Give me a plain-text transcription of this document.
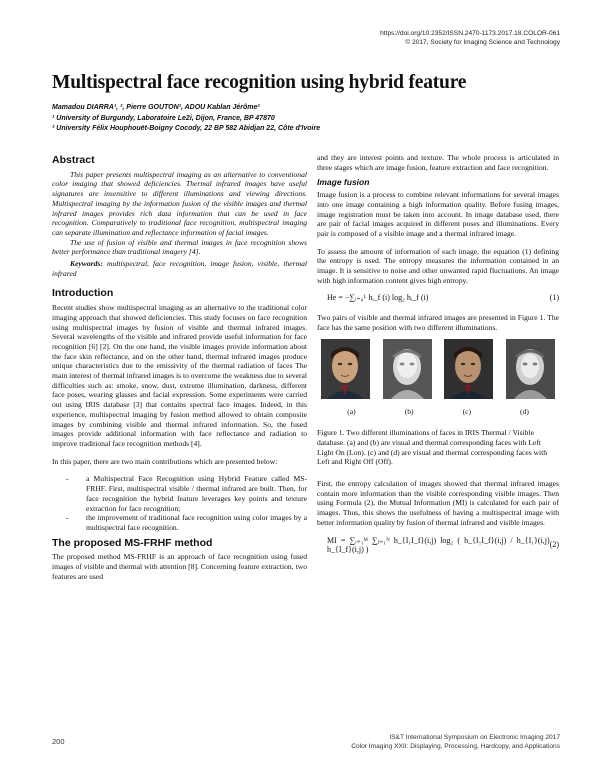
https://doi.org/10.2352/ISSN.2470-1173.2017.18.COLOR-061
© 2017, Society for Imaging Science and Technology
Multispectral face recognition using hybrid feature
Mamadou DIARRA¹, ², Pierre GOUTON¹, ADOU Kablan Jérôme²
¹ University of Burgundy, Laboratoire Le2i, Dijon, France, BP 47870
² University Félix Houphouët-Boigny Cocody, 22 BP 582 Abidjan 22, Côte d'Ivoire
Abstract

This paper presents multispectral imaging as an alternative to conventional color imaging that showed deficiencies. Thermal infrared images have useful signatures are insensitive to different illuminations and viewing directions. Multispectral imaging by the information fusion of the visible images and thermal infrared images provides rich data information that can be used in face recognition. Comparatively to traditional face recognition, multispectral imaging can separate illumination and reflectance information of facial images.

The use of fusion of visible and thermal images in face recognition shows better performance than traditional imagery [4].

Keywords: multispectral, face recognition, image fusion, visible, thermal infrared

Introduction

Recent studies show multispectral imaging as an alternative to the traditional color imaging approach that showed deficiencies. This study focuses on face recognition using multispectral images by fusion of visible and thermal infrared images. Several wavelengths of the visible and infrared provide useful information for face recognition [6] [2]. On the one hand, the visible images provide information about the face skin reflectance, and on the other hand, thermal infrared images produce unique characteristics due to the emissivity of the thermal radiation of faces The main interest of thermal infrared images is to overcome the weakness due to several difficulties such as: smoke, snow, dust, extreme illumination, darkness, different face poses, wearing glasses and facial expression. Some experiments were carried out using IRIS database [3] that contains spectral face images. Indeed, in this experience, multispectral imaging by fusion method allowed to obtain composite images by combining visible and thermal infrared information. So, the fused images provide additional information with face reflectance and radiation to improve traditional face recognition methods [4].

In this paper, there are two main contributions which are presented below:

- a Multispectral Face Recognition using Hybrid Feature called MS-FRHF. First, multispectral visible / thermal infrared are built. Then, for face recognition the hybrid feature leverages key points and texture extraction for face recognition;
- the improvement of traditional face recognition using color images by a multispectral face recognition.
The proposed MS-FRHF method

The proposed method MS-FRHF is an approach of face recognition using fused images of visible and thermal with attention [8]. Concerning feature extraction, two features are used

and they are interest points and texture. The whole process is articulated in three stages which are image fusion, feature extraction and face recognition.

Image fusion

Image fusion is a process to combine relevant informations for several images into one image containing a high information quality. Before fusing images, image registration must be taken into account. In image database used, there are pair of facial images acquired in different poses and illuminations. Every pair is composed of a visible image and a thermal infrared image.

To assess the amount of information of each image, the equation (1) defining the entropy is used. The entropy measures the information contained in an image. It is sensitive to noise and other unwanted rapid fluctuations. An image with high information content gives high entropy.

He = −∑ᵢ₌₀ᴸ hᵢ_f (i) log₂ hᵢ_f (i)	(1)

Two pairs of visible and thermal infrared images are presented in Figure 1. The face has the same position with two different illuminations.

(a)	(b)	(c)	(d)

Figure 1. Two different illuminations of faces in IRIS Thermal / Visible database. (a) and (b) are visual and thermal corresponding faces with Left Light On (Lon). (c) and (d) are visual and thermal corresponding faces with Left and Right Off (Off).

First, the entropy calculation of images showed that thermal infrared images contain more information than the visible corresponding visible images. Then using Formula (2), the Mutual Information (MI) is calculated for each pair of images. Thus, this shows the usefulness of having a multispectral image with better information quality by fusion of thermal infrared and visible images.

MI = ∑ᵢ₌₁ᴹ ∑ⱼ₌₁ᴺ h_{I₁I_f}(i,j) log₂ ( h_{I₁I_f}(i,j) / h_{I₁}(i,j) h_{I_f}(i,j) )
(2)
200	IS&T International Symposium on Electronic Imaging 2017
Color Imaging XXII: Displaying, Processing, Hardcopy, and Applications
